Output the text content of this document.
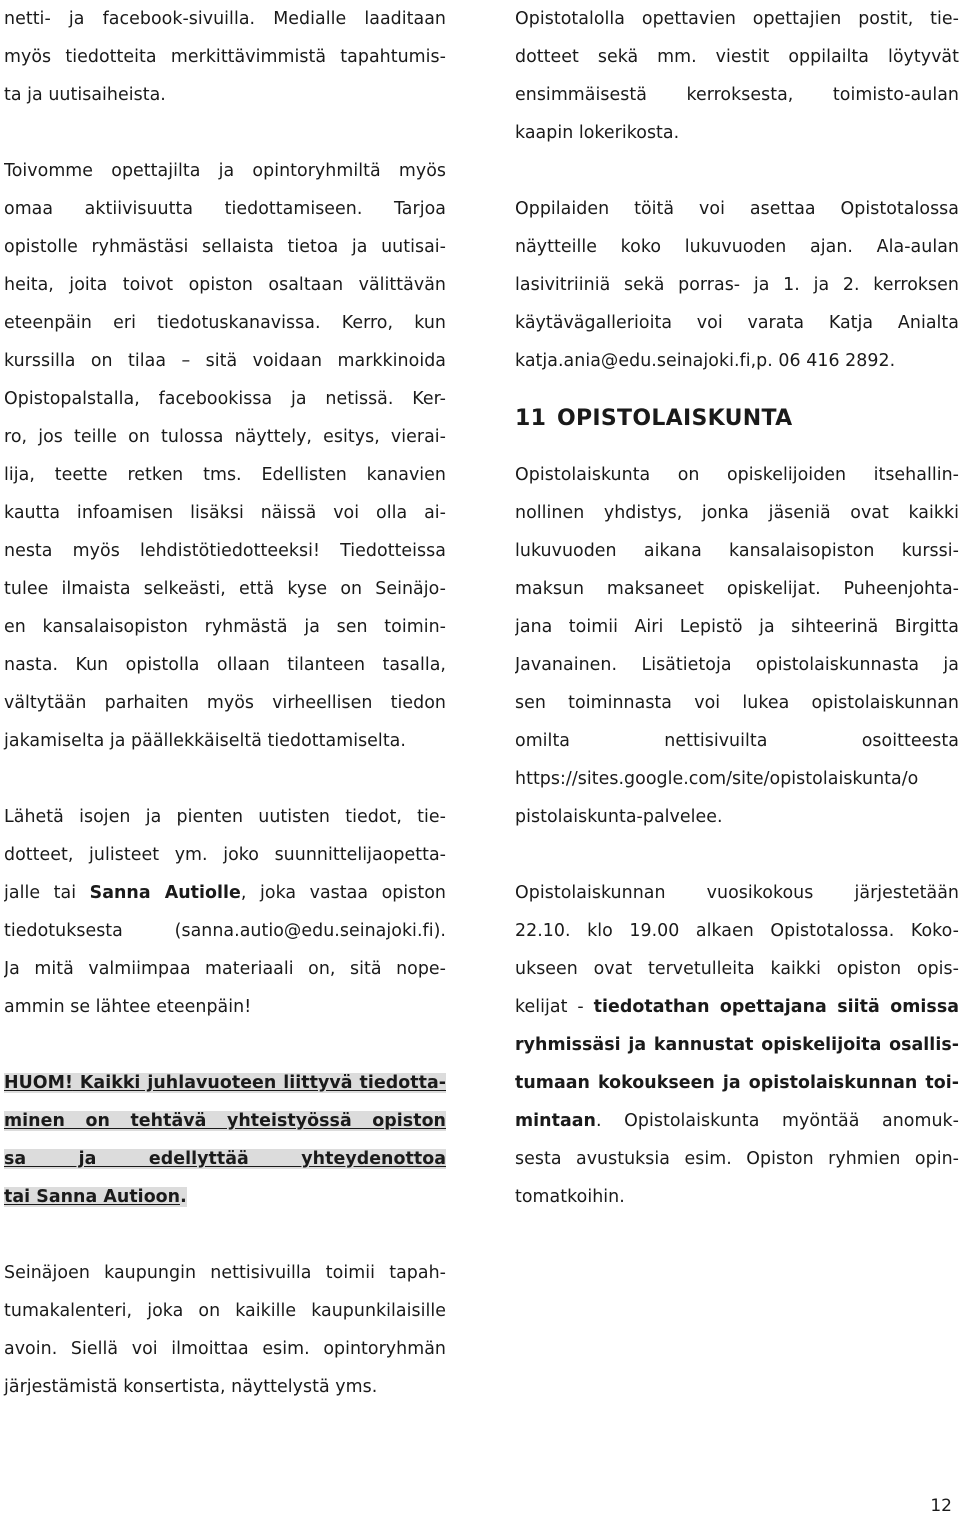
netti- ja facebook-sivuilla. Medialle laaditaan
myös tiedotteita merkittävimmistä tapahtumis-
ta ja uutisaiheista.
Toivomme opettajilta ja opintoryhmiltä myös
omaa aktiivisuutta tiedottamiseen. Tarjoa
opistolle ryhmästäsi sellaista tietoa ja uutisai-
heita, joita toivot opiston osaltaan välittävän
eteenpäin eri tiedotuskanavissa. Kerro, kun
kurssilla on tilaa – sitä voidaan markkinoida
Opistopalstalla, facebookissa ja netissä. Ker-
ro, jos teille on tulossa näyttely, esitys, vierai-
lija, teette retken tms. Edellisten kanavien
kautta infoamisen lisäksi näissä voi olla ai-
nesta myös lehdistötiedotteeksi! Tiedotteissa
tulee ilmaista selkeästi, että kyse on Seinäjo-
en kansalaisopiston ryhmästä ja sen toimin-
nasta. Kun opistolla ollaan tilanteen tasalla,
vältytään parhaiten myös virheellisen tiedon
jakamiselta ja päällekkäiseltä tiedottamiselta.
Lähetä isojen ja pienten uutisten tiedot, tie-
dotteet, julisteet ym. joko suunnittelijaopetta-
jalle tai Sanna Autiolle, joka vastaa opiston
tiedotuksesta (sanna.autio@edu.seinajoki.fi).
Ja mitä valmiimpaa materiaali on, sitä nope-
ammin se lähtee eteenpäin!
HUOM! Kaikki juhlavuoteen liittyvä tiedotta-
minen on tehtävä yhteistyössä opiston
sa ja edellyttää yhteydenottoa
tai Sanna Autioon.
Seinäjoen kaupungin nettisivuilla toimii tapah-
tumakalenteri, joka on kaikille kaupunkilaisille
avoin. Siellä voi ilmoittaa esim. opintoryhmän
järjestämistä konsertista, näyttelystä yms.
Opistotalolla opettavien opettajien postit, tie-
dotteet sekä mm. viestit oppilailta löytyvät
ensimmäisestä kerroksesta, toimisto-aulan
kaapin lokerikosta.
Oppilaiden töitä voi asettaa Opistotalossa
näytteille koko lukuvuoden ajan. Ala-aulan
lasivitriiniä sekä porras- ja 1. ja 2. kerroksen
käytävägallerioita voi varata Katja Anialta
katja.ania@edu.seinajoki.fi,p. 06 416 2892.
11 OPISTOLAISKUNTA
Opistolaiskunta on opiskelijoiden itsehallin-
nollinen yhdistys, jonka jäseniä ovat kaikki
lukuvuoden aikana kansalaisopiston kurssi-
maksun maksaneet opiskelijat. Puheenjohta-
jana toimii Airi Lepistö ja sihteerinä Birgitta
Javanainen. Lisätietoja opistolaiskunnasta ja
sen toiminnasta voi lukea opistolaiskunnan
omilta nettisivuilta osoitteesta
https://sites.google.com/site/opistolaiskunta/o
pistolaiskunta-palvelee.
Opistolaiskunnan vuosikokous järjestetään
22.10. klo 19.00 alkaen Opistotalossa. Koko-
ukseen ovat tervetulleita kaikki opiston opis-
kelijat - tiedotathan opettajana siitä omissa
ryhmissäsi ja kannustat opiskelijoita osallis-
tumaan kokoukseen ja opistolaiskunnan toi-
mintaan. Opistolaiskunta myöntää anomuk-
sesta avustuksia esim. Opiston ryhmien opin-
tomatkoihin.
12
